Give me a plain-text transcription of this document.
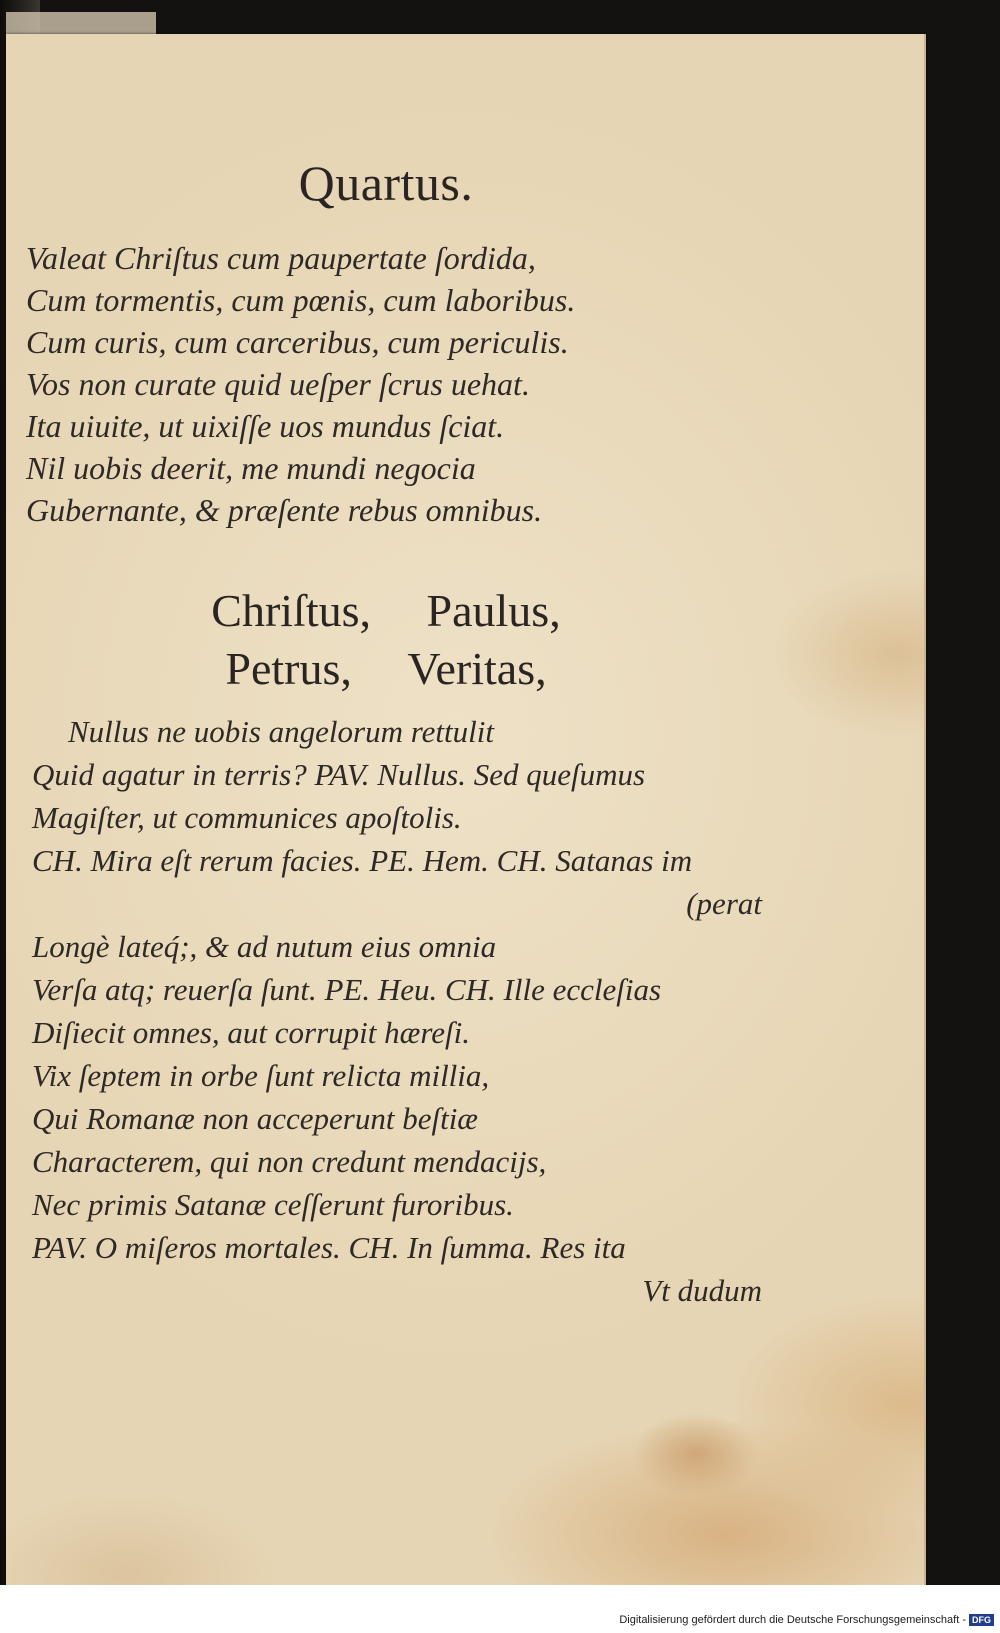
Quartus.
Valeat Chriſtus cum paupertate ſordida,
Cum tormentis, cum pœnis, cum laboribus.
Cum curis, cum carceribus, cum periculis.
Vos non curate quid ueſper ſcrus uehat.
Ita uiuite, ut uixiſſe uos mundus ſciat.
Nil uobis deerit, me mundi negocia
Gubernante, & præſente rebus omnibus.
Chriſtus, Paulus,
Petrus, Veritas,
Nullus ne uobis angelorum rettulit
Quid agatur in terris? PAV. Nullus. Sed queſumus
Magiſter, ut communices apoſtolis.
CH. Mira eſt rerum facies. PE. Hem. CH. Satanas im
(perat
Longè lateq́;, & ad nutum eius omnia
Verſa atq; reuerſa ſunt. PE. Heu. CH. Ille eccleſias
Diſiecit omnes, aut corrupit hæreſi.
Vix ſeptem in orbe ſunt relicta millia,
Qui Romanæ non acceperunt beſtiæ
Characterem, qui non credunt mendacijs,
Nec primis Satanæ ceſſerunt furoribus.
PAV. O miſeros mortales. CH. In ſumma. Res ita
Vt dudum
Digitalisierung gefördert durch die Deutsche Forschungsgemeinschaft - DFG
